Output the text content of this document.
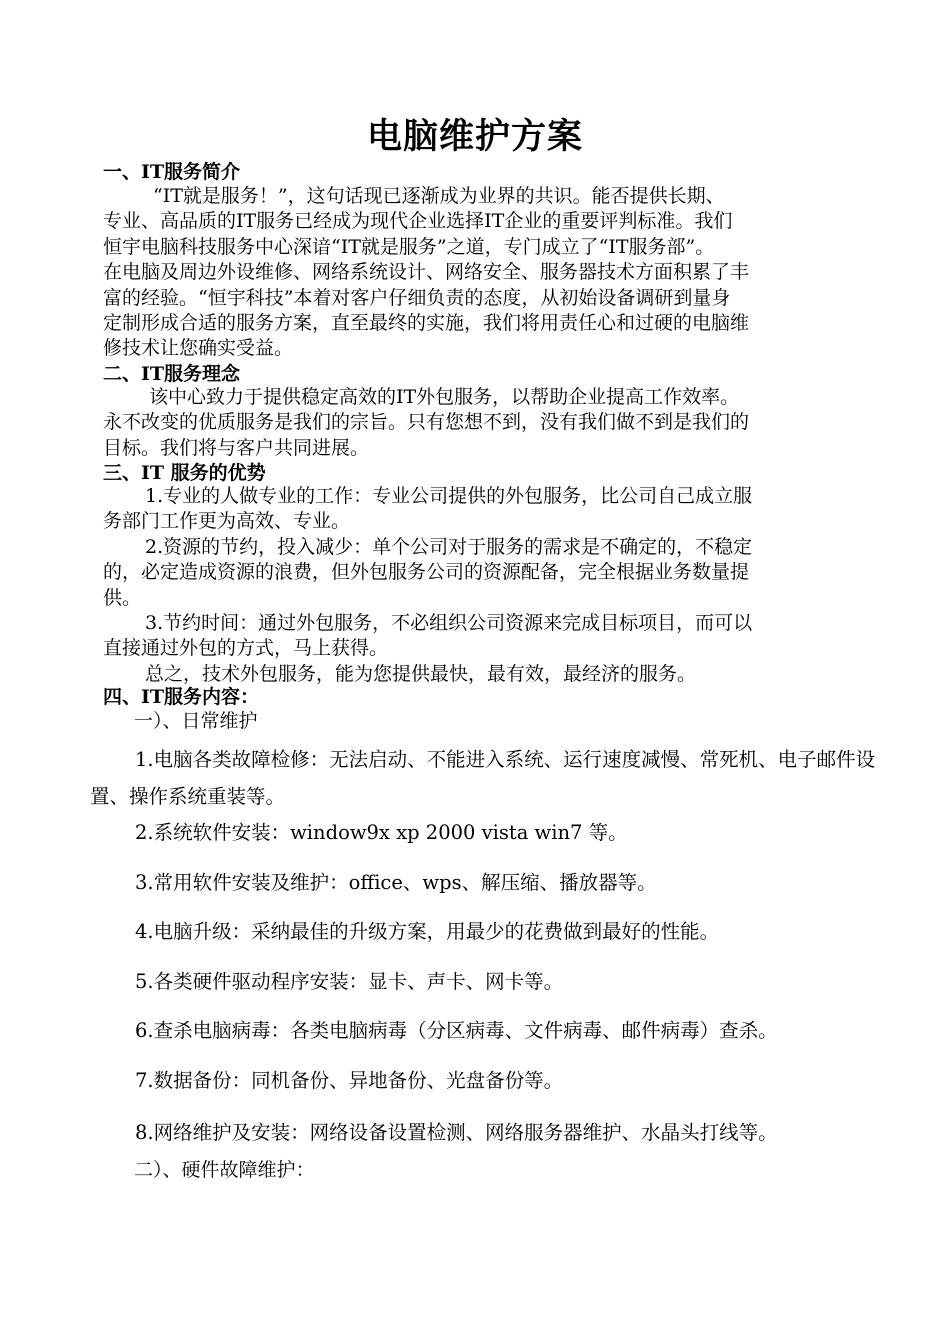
电脑维护方案
一、IT服务简介
“IT就是服务！”，这句话现已逐渐成为业界的共识。能否提供长期、
专业、高品质的IT服务已经成为现代企业选择IT企业的重要评判标准。我们
恒宇电脑科技服务中心深谙“IT就是服务”之道，专门成立了“IT服务部”。
在电脑及周边外设维修、网络系统设计、网络安全、服务器技术方面积累了丰
富的经验。“恒宇科技”本着对客户仔细负责的态度，从初始设备调研到量身
定制形成合适的服务方案，直至最终的实施，我们将用责任心和过硬的电脑维
修技术让您确实受益。
二、IT服务理念
该中心致力于提供稳定高效的IT外包服务，以帮助企业提高工作效率。
永不改变的优质服务是我们的宗旨。只有您想不到，没有我们做不到是我们的
目标。我们将与客户共同进展。
三、IT 服务的优势
1.专业的人做专业的工作：专业公司提供的外包服务，比公司自己成立服
务部门工作更为高效、专业。
2.资源的节约，投入减少：单个公司对于服务的需求是不确定的，不稳定
的，必定造成资源的浪费，但外包服务公司的资源配备，完全根据业务数量提
供。
3.节约时间：通过外包服务，不必组织公司资源来完成目标项目，而可以
直接通过外包的方式，马上获得。
总之，技术外包服务，能为您提供最快，最有效，最经济的服务。
四、IT服务内容：
一）、日常维护
1.电脑各类故障检修：无法启动、不能进入系统、运行速度减慢、常死机、电子邮件设置、操作系统重装等。
2.系统软件安装：window9x xp 2000 vista win7 等。
3.常用软件安装及维护：office、wps、解压缩、播放器等。
4.电脑升级：采纳最佳的升级方案，用最少的花费做到最好的性能。
5.各类硬件驱动程序安装：显卡、声卡、网卡等。
6.查杀电脑病毒：各类电脑病毒（分区病毒、文件病毒、邮件病毒）查杀。
7.数据备份：同机备份、异地备份、光盘备份等。
8.网络维护及安装：网络设备设置检测、网络服务器维护、水晶头打线等。
二）、硬件故障维护：
